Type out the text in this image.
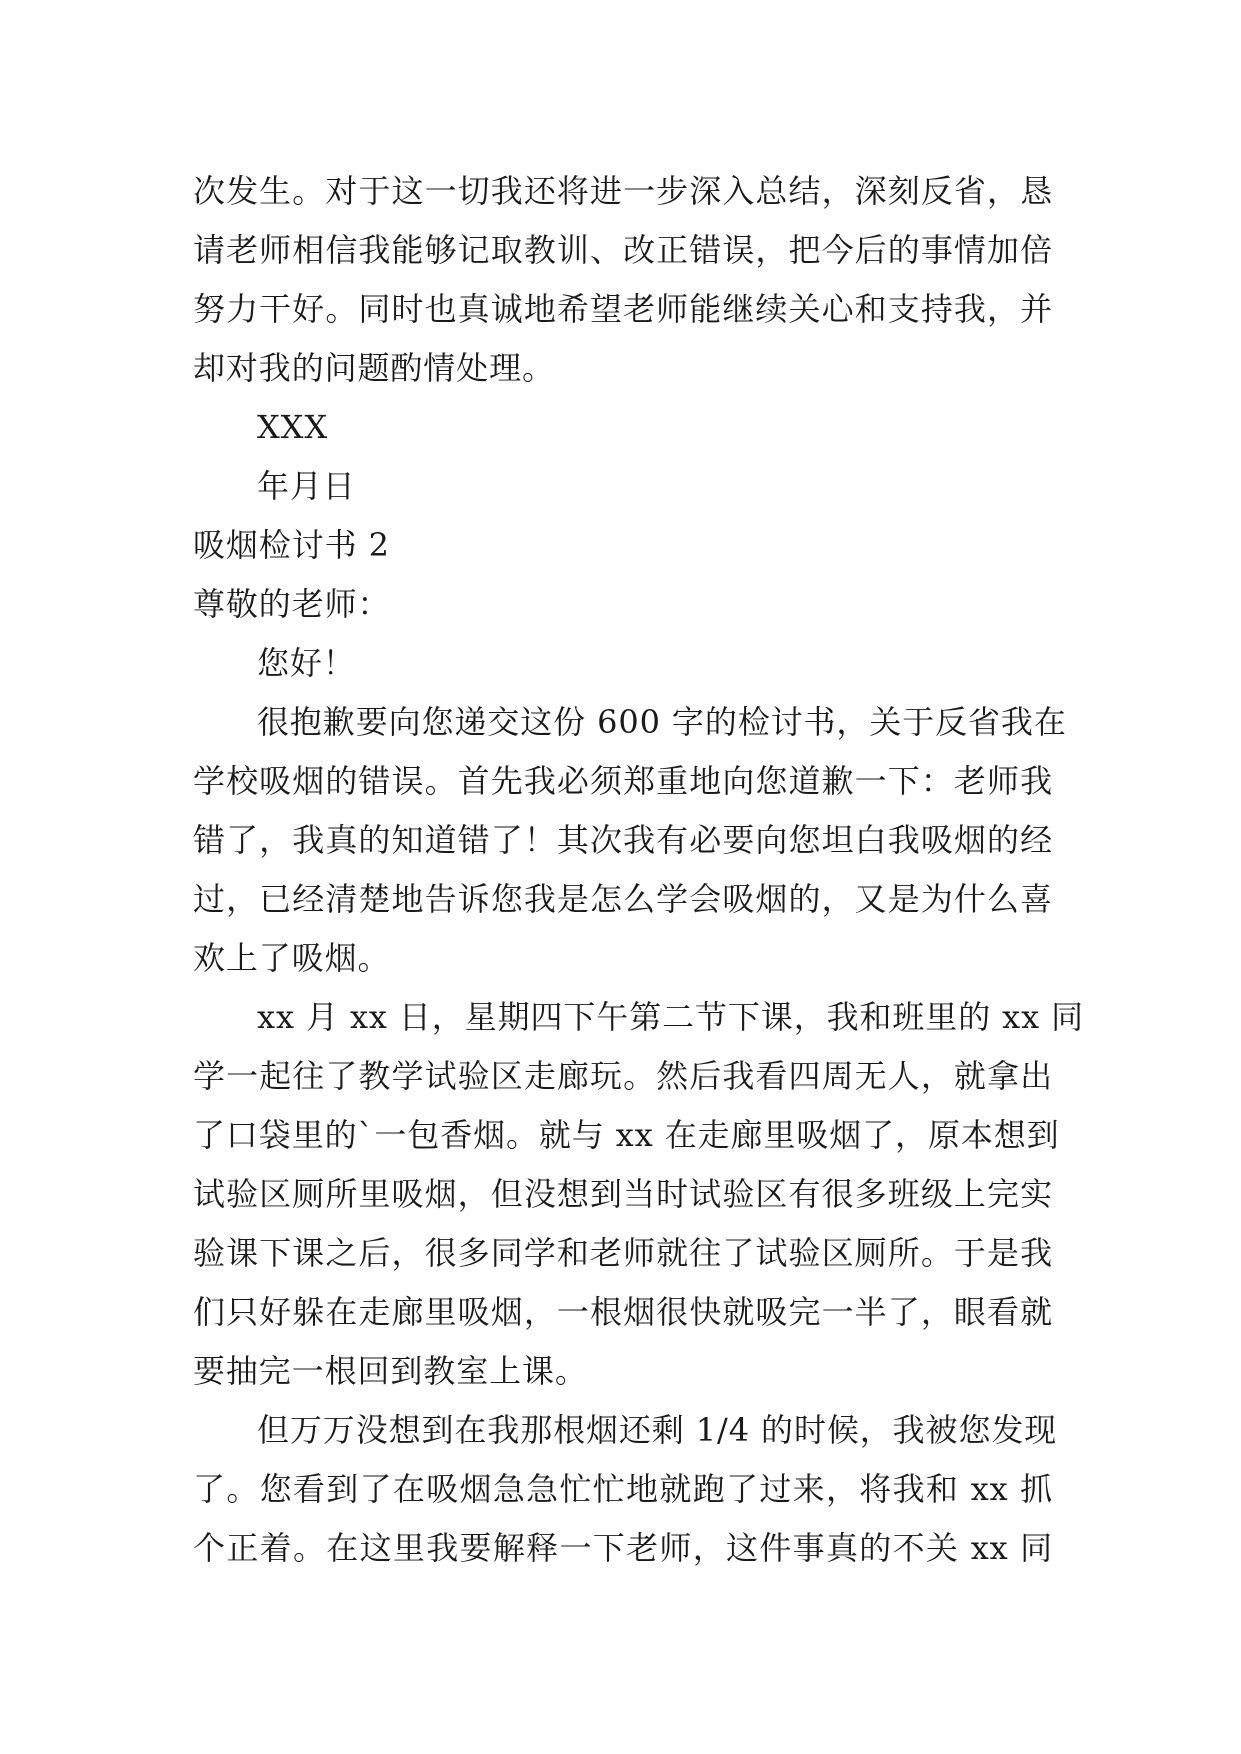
次发生。对于这一切我还将进一步深入总结，深刻反省，恳
请老师相信我能够记取教训、改正错误，把今后的事情加倍
努力干好。同时也真诚地希望老师能继续关心和支持我，并
却对我的问题酌情处理。

XXX

年月日

吸烟检讨书 2

尊敬的老师：

您好！

很抱歉要向您递交这份 600 字的检讨书，关于反省我在
学校吸烟的错误。首先我必须郑重地向您道歉一下：老师我
错了，我真的知道错了！其次我有必要向您坦白我吸烟的经
过，已经清楚地告诉您我是怎么学会吸烟的，又是为什么喜
欢上了吸烟。
xx 月 xx 日，星期四下午第二节下课，我和班里的 xx 同
学一起往了教学试验区走廊玩。然后我看四周无人，就拿出
了口袋里的`一包香烟。就与 xx 在走廊里吸烟了，原本想到
试验区厕所里吸烟，但没想到当时试验区有很多班级上完实
验课下课之后，很多同学和老师就往了试验区厕所。于是我
们只好躲在走廊里吸烟，一根烟很快就吸完一半了，眼看就
要抽完一根回到教室上课。
但万万没想到在我那根烟还剩 1/4 的时候，我被您发现
了。您看到了在吸烟急急忙忙地就跑了过来，将我和 xx 抓
个正着。在这里我要解释一下老师，这件事真的不关 xx 同
